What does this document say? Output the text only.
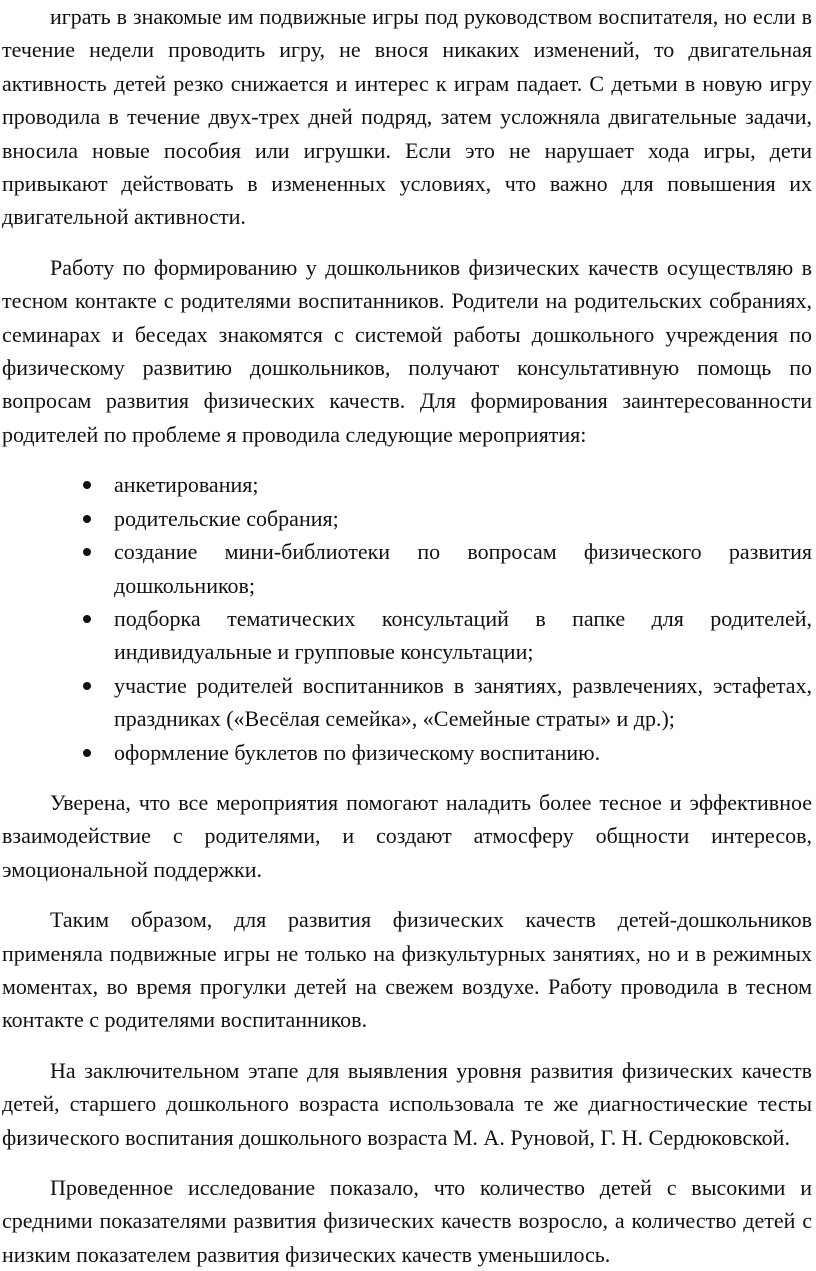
играть в знакомые им подвижные игры под руководством воспитателя, но если в течение недели проводить игру, не внося никаких изменений, то двигательная активность детей резко снижается и интерес к играм падает. С детьми в новую игру проводила в течение двух-трех дней подряд, затем усложняла двигательные задачи, вносила новые пособия или игрушки. Если это не нарушает хода игры, дети привыкают действовать в измененных условиях, что важно для повышения их двигательной активности.

Работу по формированию у дошкольников физических качеств осуществляю в тесном контакте с родителями воспитанников. Родители на родительских собраниях, семинарах и беседах знакомятся с системой работы дошкольного учреждения по физическому развитию дошкольников, получают консультативную помощь по вопросам развития физических качеств. Для формирования заинтересованности родителей по проблеме я проводила следующие мероприятия:

анкетирования;
родительские собрания;
создание мини-библиотеки по вопросам физического развития дошкольников;
подборка тематических консультаций в папке для родителей, индивидуальные и групповые консультации;
участие родителей воспитанников в занятиях, развлечениях, эстафетах, праздниках («Весёлая семейка», «Семейные страты» и др.);
оформление буклетов по физическому воспитанию.

Уверена, что все мероприятия помогают наладить более тесное и эффективное взаимодействие с родителями, и создают атмосферу общности интересов, эмоциональной поддержки.

Таким образом, для развития физических качеств детей-дошкольников применяла подвижные игры не только на физкультурных занятиях, но и в режимных моментах, во время прогулки детей на свежем воздухе. Работу проводила в тесном контакте с родителями воспитанников.

На заключительном этапе для выявления уровня развития физических качеств детей, старшего дошкольного возраста использовала те же диагностические тесты физического воспитания дошкольного возраста М. А. Руновой, Г. Н. Сердюковской.

Проведенное исследование показало, что количество детей с высокими и средними показателями развития физических качеств возросло, а количество детей с низким показателем развития физических качеств уменьшилось.
